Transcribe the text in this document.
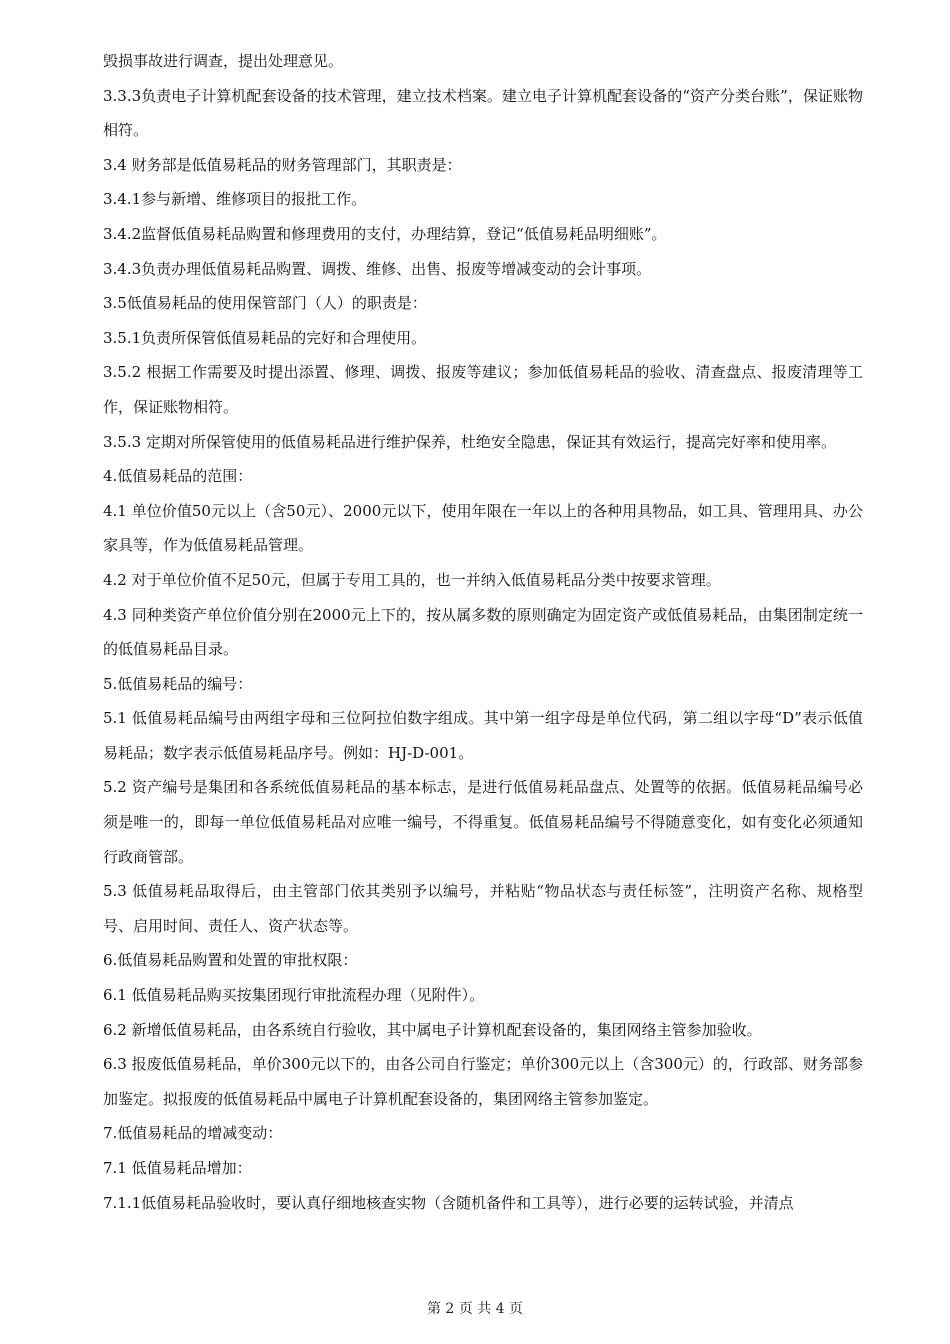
毁损事故进行调查，提出处理意见。

3.3.3负责电子计算机配套设备的技术管理，建立技术档案。建立电子计算机配套设备的“资产分类台账”，保证账物相符。

3.4 财务部是低值易耗品的财务管理部门，其职责是：

3.4.1参与新增、维修项目的报批工作。

3.4.2监督低值易耗品购置和修理费用的支付，办理结算，登记“低值易耗品明细账”。

3.4.3负责办理低值易耗品购置、调拨、维修、出售、报废等增减变动的会计事项。

3.5低值易耗品的使用保管部门（人）的职责是：

3.5.1负责所保管低值易耗品的完好和合理使用。

3.5.2 根据工作需要及时提出添置、修理、调拨、报废等建议；参加低值易耗品的验收、清查盘点、报废清理等工作，保证账物相符。

3.5.3 定期对所保管使用的低值易耗品进行维护保养，杜绝安全隐患，保证其有效运行，提高完好率和使用率。

4.低值易耗品的范围：

4.1 单位价值50元以上（含50元）、2000元以下，使用年限在一年以上的各种用具物品，如工具、管理用具、办公家具等，作为低值易耗品管理。

4.2 对于单位价值不足50元，但属于专用工具的，也一并纳入低值易耗品分类中按要求管理。

4.3 同种类资产单位价值分别在2000元上下的，按从属多数的原则确定为固定资产或低值易耗品，由集团制定统一的低值易耗品目录。

5.低值易耗品的编号：

5.1 低值易耗品编号由两组字母和三位阿拉伯数字组成。其中第一组字母是单位代码，第二组以字母“D”表示低值易耗品；数字表示低值易耗品序号。例如：HJ-D-001。

5.2 资产编号是集团和各系统低值易耗品的基本标志，是进行低值易耗品盘点、处置等的依据。低值易耗品编号必须是唯一的，即每一单位低值易耗品对应唯一编号，不得重复。低值易耗品编号不得随意变化，如有变化必须通知行政商管部。

5.3 低值易耗品取得后，由主管部门依其类别予以编号，并粘贴“物品状态与责任标签”，注明资产名称、规格型号、启用时间、责任人、资产状态等。

6.低值易耗品购置和处置的审批权限：

6.1 低值易耗品购买按集团现行审批流程办理（见附件）。

6.2 新增低值易耗品，由各系统自行验收，其中属电子计算机配套设备的，集团网络主管参加验收。

6.3 报废低值易耗品，单价300元以下的，由各公司自行鉴定；单价300元以上（含300元）的，行政部、财务部参加鉴定。拟报废的低值易耗品中属电子计算机配套设备的，集团网络主管参加鉴定。

7.低值易耗品的增减变动：

7.1 低值易耗品增加：

7.1.1低值易耗品验收时，要认真仔细地核查实物（含随机备件和工具等），进行必要的运转试验，并清点

第 2 页 共 4 页
